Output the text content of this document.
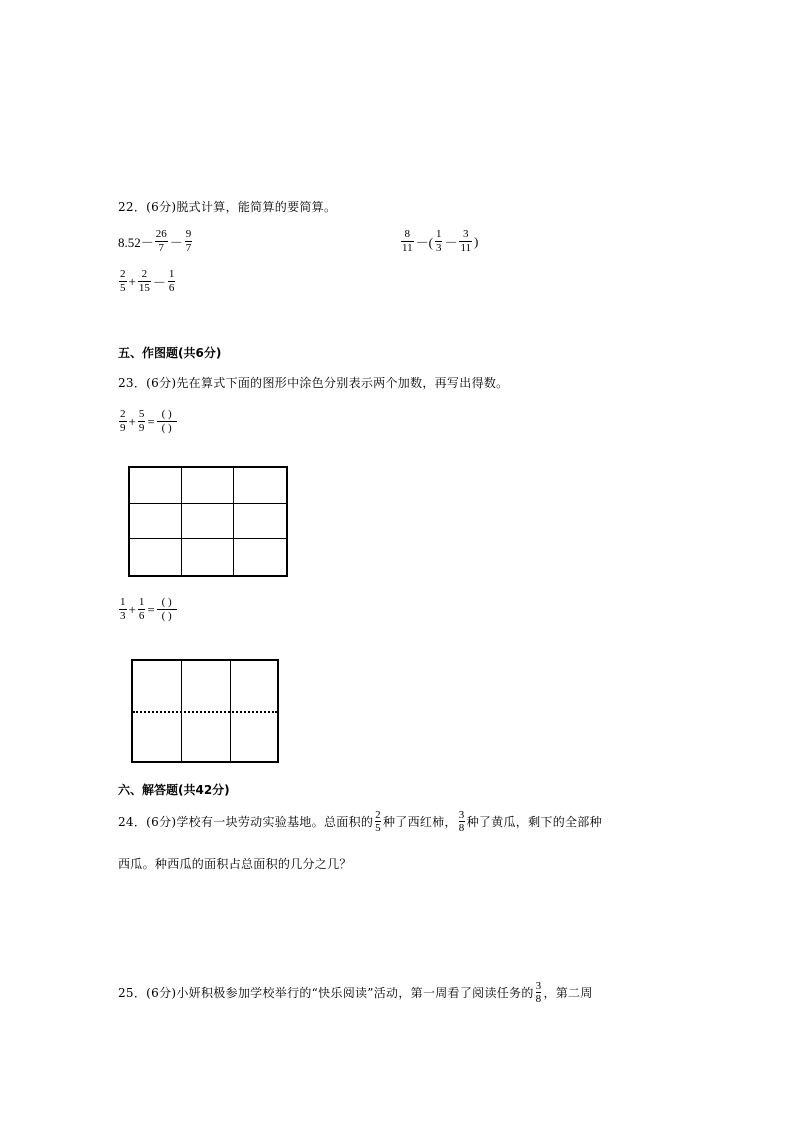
22．(6分)脱式计算，能简算的要简算。
$8.52- \frac{26}{7} - \frac{9}{7}$	$\frac{8}{11}$ －( $\frac{1}{3} - \frac{3}{11}$ )
$\frac{2}{5} + \frac{2}{15} - \frac{1}{6}$
五、作图题(共6分)
23．(6分)先在算式下面的图形中涂色分别表示两个加数，再写出得数。
$\frac{2}{9} + \frac{5}{9} = \frac{( )}{( )}$
$\frac{1}{3} + \frac{1}{6} = \frac{( )}{( )}$
六、解答题(共42分)
24．(6分)学校有一块劳动实验基地。总面积的 $\frac{2}{5}$ 种了西红柿， $\frac{3}{8}$ 种了黄瓜，剩下的全部种
西瓜。种西瓜的面积占总面积的几分之几？
25．(6分)小妍积极参加学校举行的“快乐阅读”活动，第一周看了阅读任务的 $\frac{3}{8}$ ，第二周
